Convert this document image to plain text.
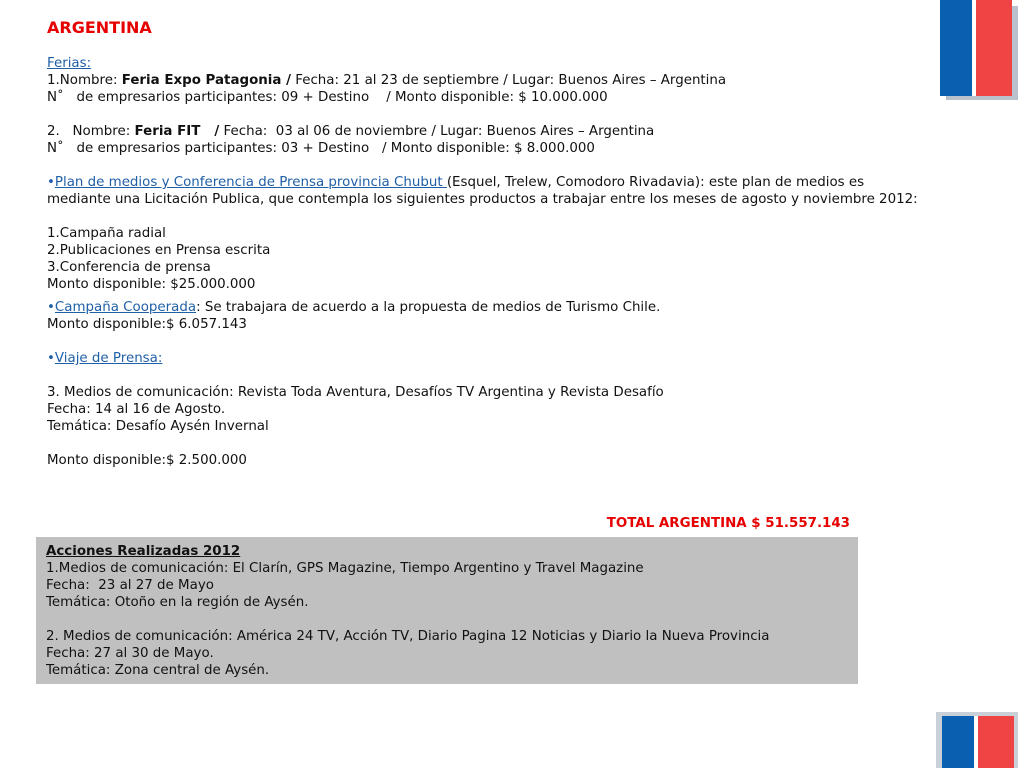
ARGENTINA
Ferias:
1.Nombre: Feria Expo Patagonia / Fecha: 21 al 23 de septiembre / Lugar: Buenos Aires – Argentina
N˚   de empresarios participantes: 09 + Destino    / Monto disponible: $ 10.000.000
2.   Nombre: Feria FIT   / Fecha:  03 al 06 de noviembre / Lugar: Buenos Aires – Argentina
N˚   de empresarios participantes: 03 + Destino   / Monto disponible: $ 8.000.000
•Plan de medios y Conferencia de Prensa provincia Chubut (Esquel, Trelew, Comodoro Rivadavia): este plan de medios es mediante una Licitación Publica, que contempla los siguientes productos a trabajar entre los meses de agosto y noviembre 2012:
1.Campaña radial
2.Publicaciones en Prensa escrita
3.Conferencia de prensa
Monto disponible: $25.000.000
•Campaña Cooperada: Se trabajara de acuerdo a la propuesta de medios de Turismo Chile.
Monto disponible:$ 6.057.143
•Viaje de Prensa:
3. Medios de comunicación: Revista Toda Aventura, Desafíos TV Argentina y Revista Desafío
Fecha: 14 al 16 de Agosto.
Temática: Desafío Aysén Invernal
Monto disponible:$ 2.500.000
TOTAL ARGENTINA $ 51.557.143
Acciones Realizadas 2012
1.Medios de comunicación: El Clarín, GPS Magazine, Tiempo Argentino y Travel Magazine
Fecha:  23 al 27 de Mayo
Temática: Otoño en la región de Aysén.
2. Medios de comunicación: América 24 TV, Acción TV, Diario Pagina 12 Noticias y Diario la Nueva Provincia
Fecha: 27 al 30 de Mayo.
Temática: Zona central de Aysén.
